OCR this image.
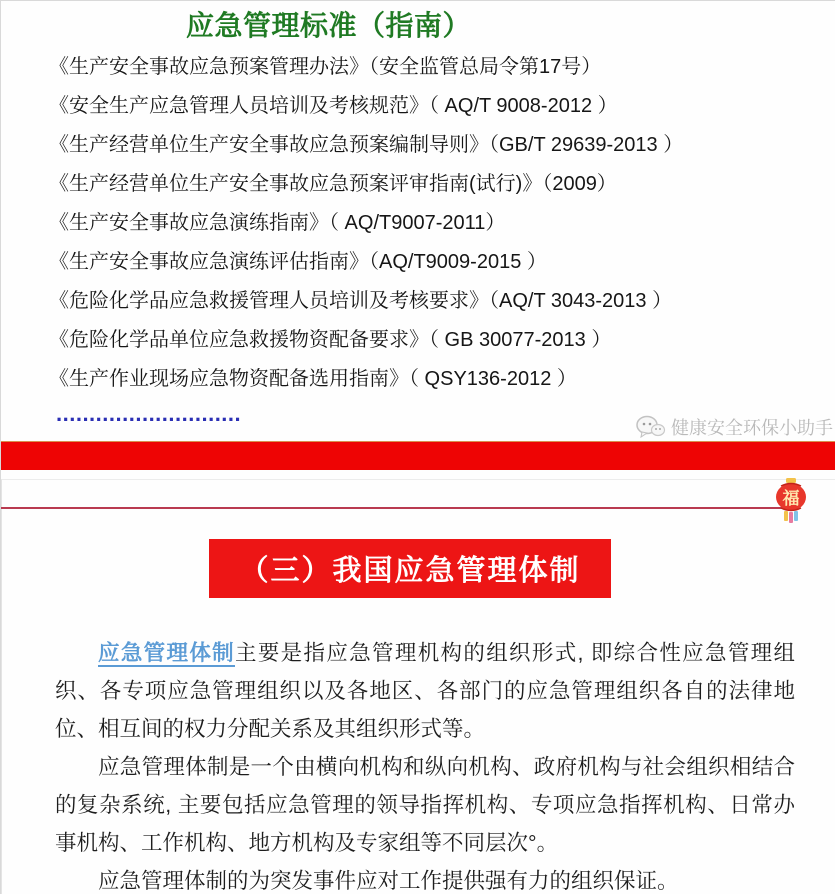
应急管理标准（指南）
《生产安全事故应急预案管理办法》（安全监管总局令第17号）
《安全生产应急管理人员培训及考核规范》（ AQ/T 9008-2012 ）
《生产经营单位生产安全事故应急预案编制导则》（GB/T 29639-2013 ）
《生产经营单位生产安全事故应急预案评审指南(试行)》（2009）
《生产安全事故应急演练指南》（ AQ/T9007-2011）
《生产安全事故应急演练评估指南》（AQ/T9009-2015 ）
《危险化学品应急救援管理人员培训及考核要求》（AQ/T 3043-2013 ）
《危险化学品单位应急救援物资配备要求》（ GB 30077-2013 ）
《生产作业现场应急物资配备选用指南》（ QSY136-2012 ）
............................
健康安全环保小助手
福
（三）我国应急管理体制

应急管理体制主要是指应急管理机构的组织形式, 即综合性应急管理组织、各专项应急管理组织以及各地区、各部门的应急管理组织各自的法律地位、相互间的权力分配关系及其组织形式等。

应急管理体制是一个由横向机构和纵向机构、政府机构与社会组织相结合的复杂系统, 主要包括应急管理的领导指挥机构、专项应急指挥机构、日常办事机构、工作机构、地方机构及专家组等不同层次°。

应急管理体制的为突发事件应对工作提供强有力的组织保证。
